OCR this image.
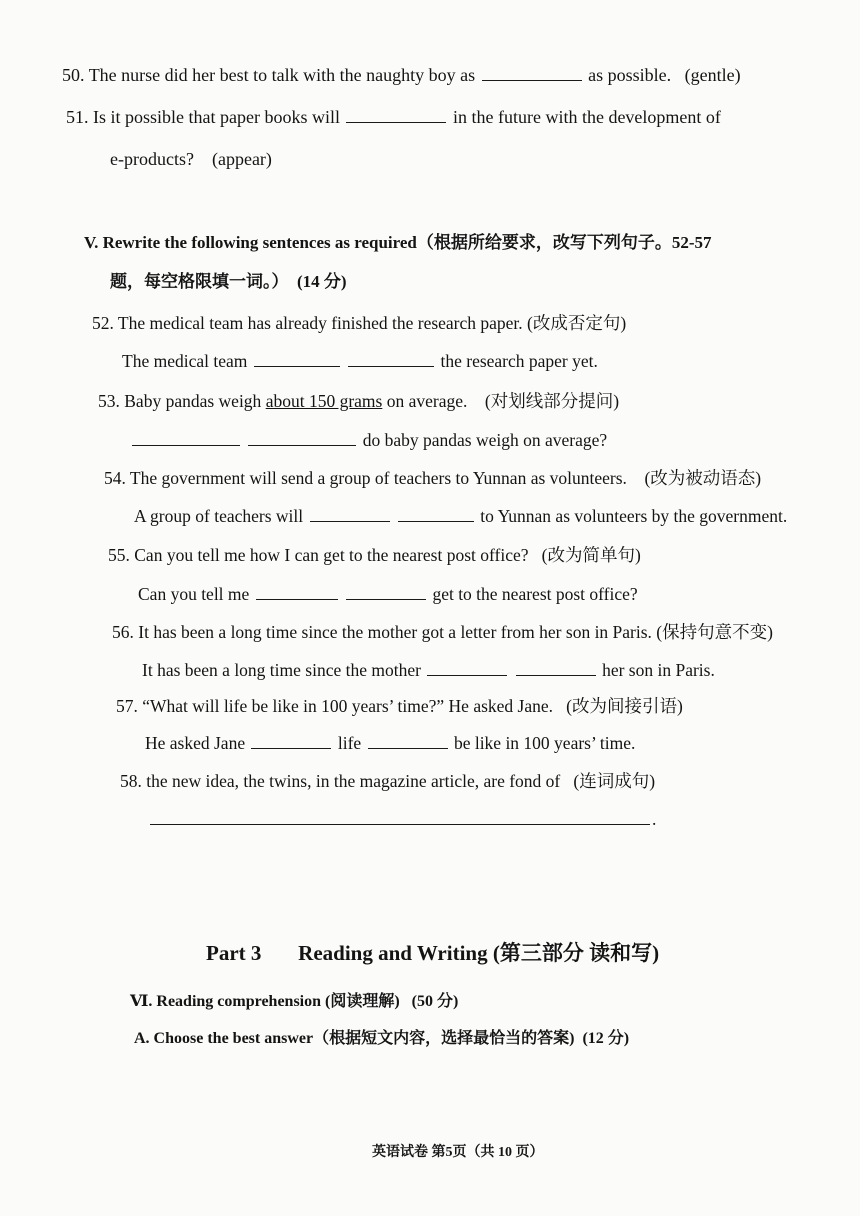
50. The nurse did her best to talk with the naughty boy as	as possible. (gentle)
51. Is it possible that paper books will	in the future with the development of
e-products? (appear)
V. Rewrite the following sentences as required（根据所给要求，改写下列句子。52-57
题，每空格限填一词。） (14 分)
52. The medical team has already finished the research paper. (改成否定句)
The medical team	the research paper yet.
53. Baby pandas weigh about 150 grams on average. (对划线部分提问)
do baby pandas weigh on average?
54. The government will send a group of teachers to Yunnan as volunteers. (改为被动语态)
A group of teachers will	to Yunnan as volunteers by the government.
55. Can you tell me how I can get to the nearest post office? (改为简单句)
Can you tell me	get to the nearest post office?
56. It has been a long time since the mother got a letter from her son in Paris. (保持句意不变)
It has been a long time since the mother	her son in Paris.
57. “What will life be like in 100 years’ time?” He asked Jane. (改为间接引语)
He asked Jane	life	be like in 100 years’ time.
58. the new idea, the twins, in the magazine article, are fond of (连词成句)
.
Part 3 Reading and Writing (第三部分 读和写)
Ⅵ. Reading comprehension (阅读理解) (50 分)
A. Choose the best answer（根据短文内容，选择最恰当的答案) (12 分)
英语试卷 第5页（共 10 页）
